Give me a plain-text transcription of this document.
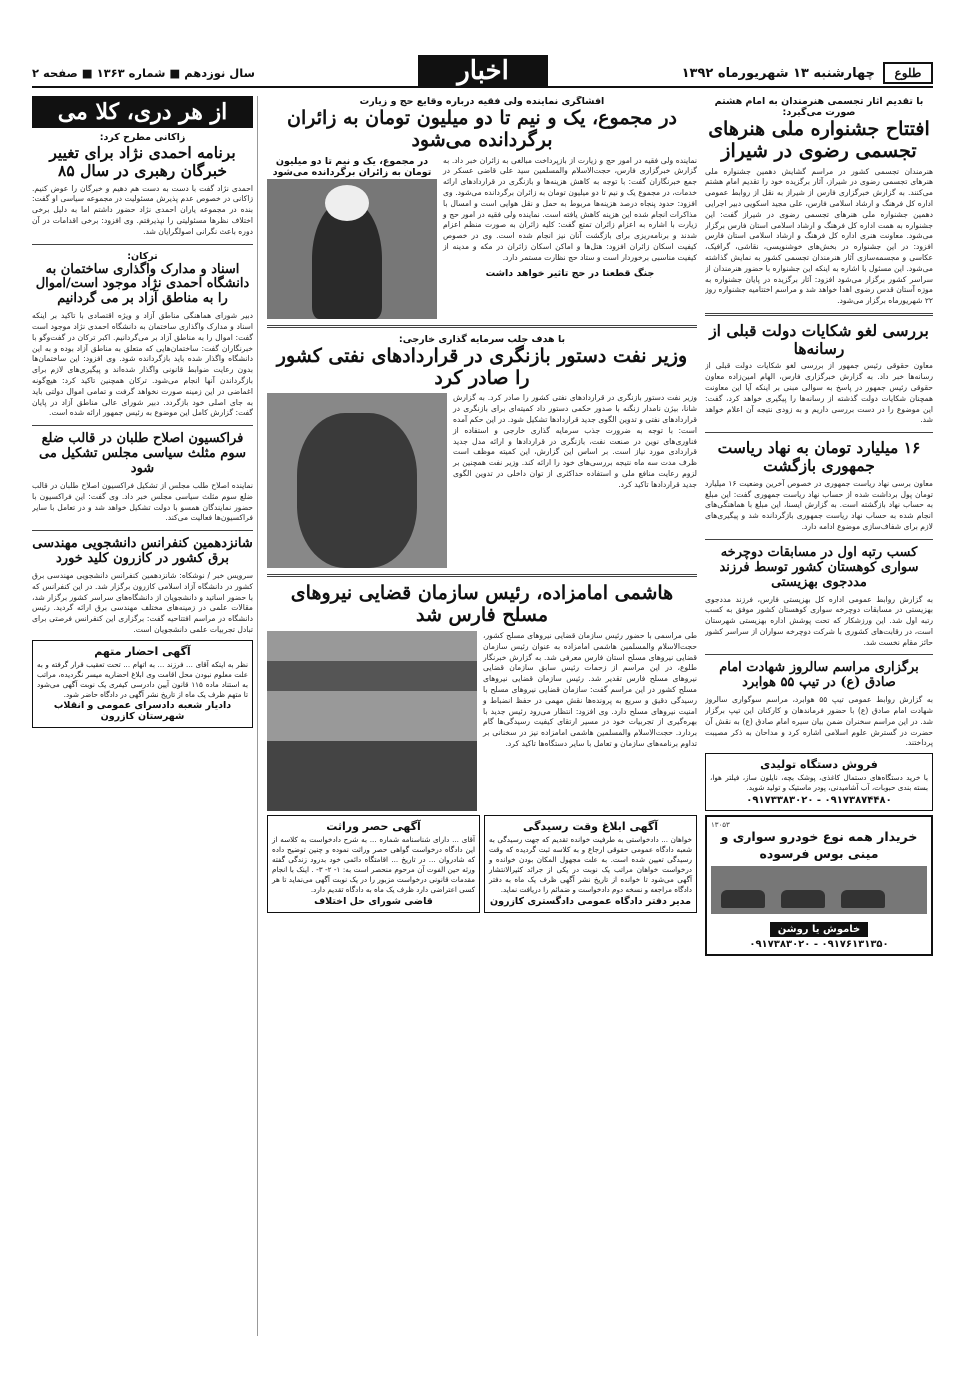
طلوع
چهارشنبه ۱۳ شهریورماه ۱۳۹۲
اخبار
سال نوزدهم ■ شماره ۱۳۶۳ ■ صفحه ۲
با تقدیم آثار تجسمی هنرمندان به امام هشتم صورت می‌گیرد:
افتتاح جشنواره ملی هنرهای تجسمی رضوی در شیراز
هنرمندان تجسمی کشور در مراسم گشایش دهمین جشنواره ملی هنرهای تجسمی رضوی در شیراز، آثار برگزیده خود را تقدیم امام هشتم می‌کنند. به گزارش خبرگزاری فارس از شیراز به نقل از روابط عمومی اداره کل فرهنگ و ارشاد اسلامی فارس، علی مجید اسکویی دبیر اجرایی دهمین جشنواره ملی هنرهای تجسمی رضوی در شیراز گفت: این جشنواره به همت اداره کل فرهنگ و ارشاد اسلامی استان فارس برگزار می‌شود. معاونت هنری اداره کل فرهنگ و ارشاد اسلامی استان فارس افزود: در این جشنواره در بخش‌های خوشنویسی، نقاشی، گرافیک، عکاسی و مجسمه‌سازی آثار هنرمندان تجسمی کشور به نمایش گذاشته می‌شود. این مسئول با اشاره به اینکه این جشنواره با حضور هنرمندان از سراسر کشور برگزار می‌شود افزود: آثار برگزیده در پایان جشنواره به موزه آستان قدس رضوی اهدا خواهد شد و مراسم اختتامیه جشنواره روز ۲۲ شهریورماه برگزار می‌شود.
بررسی لغو شکایات دولت قبلی از رسانه‌ها
معاون حقوقی رئیس جمهور از بررسی لغو شکایات دولت قبلی از رسانه‌ها خبر داد. به گزارش خبرگزاری فارس، الهام امین‌زاده معاون حقوقی رئیس جمهور در پاسخ به سوالی مبنی بر اینکه آیا این معاونت همچنان شکایات دولت گذشته از رسانه‌ها را پیگیری خواهد کرد، گفت: این موضوع را در دست بررسی داریم و به زودی نتیجه آن اعلام خواهد شد.
۱۶ میلیارد تومان به نهاد ریاست جمهوری بازگشت
معاون برسی نهاد ریاست جمهوری در خصوص آخرین وضعیت ۱۶ میلیارد تومان پول برداشت شده از حساب نهاد ریاست جمهوری گفت: این مبلغ به حساب نهاد بازگشته است. به گزارش ایسنا، این مبلغ با هماهنگی‌های انجام شده به حساب نهاد ریاست جمهوری بازگردانده شد و پیگیری‌های لازم برای شفاف‌سازی موضوع ادامه دارد.
کسب رتبه اول در مسابقات دوچرخه سواری کوهستان کشور توسط فرزند مددجوی بهزیستی
به گزارش روابط عمومی اداره کل بهزیستی فارس، فرزند مددجوی بهزیستی در مسابقات دوچرخه سواری کوهستان کشور موفق به کسب رتبه اول شد. این ورزشکار که تحت پوشش اداره بهزیستی شهرستان است، در رقابت‌های کشوری با شرکت دوچرخه سواران از سراسر کشور حائز مقام نخست شد.
برگزاری مراسم سالروز شهادت امام صادق (ع) در تیپ ۵۵ هوابرد
به گزارش روابط عمومی تیپ ۵۵ هوابرد، مراسم سوگواری سالروز شهادت امام صادق (ع) با حضور فرماندهان و کارکنان این تیپ برگزار شد. در این مراسم سخنران ضمن بیان سیره امام صادق (ع) به نقش آن حضرت در گسترش علوم اسلامی اشاره کرد و مداحان به ذکر مصیبت پرداختند.
فروش دستگاه تولیدی
با خرید دستگاه‌های دستمال کاغذی، پوشک بچه، نایلون ساز، فیلتر هوا، بسته بندی حبوبات، آب آشامیدنی، پودر ماستیک و تولید شوید.
۰۹۱۷۳۳۸۳۰۲۰ - ۰۹۱۷۳۸۷۴۴۸۰
۱۳۰۵۳
خریدار همه نوع خودرو سواری و مینی بوس فرسوده
خاموش یا روشن
۰۹۱۷۳۸۳۰۲۰ - ۰۹۱۷۶۱۳۱۳۵۰
افشاگری نماینده ولی فقیه درباره وقایع حج و زیارت
در مجموع، یک و نیم تا دو میلیون تومان به زائران برگردانده می‌شود
نماینده ولی فقیه در امور حج و زیارت از بازپرداخت مبالغی به زائران خبر داد. به گزارش خبرگزاری فارس، حجت‌الاسلام والمسلمین سید علی قاضی عسکر در جمع خبرنگاران گفت: با توجه به کاهش هزینه‌ها و بازنگری در قراردادهای ارائه خدمات، در مجموع یک و نیم تا دو میلیون تومان به زائران برگردانده می‌شود. وی افزود: حدود پنجاه درصد هزینه‌ها مربوط به حمل و نقل هوایی است و امسال با مذاکرات انجام شده این هزینه کاهش یافته است. نماینده ولی فقیه در امور حج و زیارت با اشاره به اعزام زائران تمتع گفت: کلیه زائران به صورت منظم اعزام شدند و برنامه‌ریزی برای بازگشت آنان نیز انجام شده است. وی در خصوص کیفیت اسکان زائران افزود: هتل‌ها و اماکن اسکان زائران در مکه و مدینه از کیفیت مناسبی برخوردار است و ستاد حج نظارت مستمر دارد.
جنگ قطعنا در حج تاثیر خواهد داشت
در مجموع، یک و نیم تا دو میلیون تومان به زائران برگردانده می‌شود
با هدف جلب سرمایه گذاری خارجی:
وزیر نفت دستور بازنگری در قراردادهای نفتی کشور را صادر کرد
وزیر نفت دستور بازنگری در قراردادهای نفتی کشور را صادر کرد. به گزارش شانا، بیژن نامدار زنگنه با صدور حکمی دستور داد کمیته‌ای برای بازنگری در قراردادهای نفتی و تدوین الگوی جدید قراردادها تشکیل شود. در این حکم آمده است: با توجه به ضرورت جذب سرمایه گذاری خارجی و استفاده از فناوری‌های نوین در صنعت نفت، بازنگری در قراردادها و ارائه مدل جدید قراردادی مورد نیاز است. بر اساس این گزارش، این کمیته موظف است ظرف مدت سه ماه نتیجه بررسی‌های خود را ارائه کند. وزیر نفت همچنین بر لزوم رعایت منافع ملی و استفاده حداکثری از توان داخلی در تدوین الگوی جدید قراردادها تاکید کرد.
هاشمی امامزاده، رئیس سازمان قضایی نیروهای مسلح فارس شد
طی مراسمی با حضور رئیس سازمان قضایی نیروهای مسلح کشور، حجت‌الاسلام والمسلمین هاشمی امامزاده به عنوان رئیس سازمان قضایی نیروهای مسلح استان فارس معرفی شد. به گزارش خبرنگار طلوع، در این مراسم از زحمات رئیس سابق سازمان قضایی نیروهای مسلح فارس تقدیر شد. رئیس سازمان قضایی نیروهای مسلح کشور در این مراسم گفت: سازمان قضایی نیروهای مسلح با رسیدگی دقیق و سریع به پرونده‌ها نقش مهمی در حفظ انضباط و امنیت نیروهای مسلح دارد. وی افزود: انتظار می‌رود رئیس جدید با بهره‌گیری از تجربیات خود در مسیر ارتقای کیفیت رسیدگی‌ها گام بردارد. حجت‌الاسلام والمسلمین هاشمی امامزاده نیز در سخنانی بر تداوم برنامه‌های سازمان و تعامل با سایر دستگاه‌ها تاکید کرد.
آگهی ابلاغ وقت رسیدگی
خواهان ... دادخواستی به طرفیت خوانده تقدیم که جهت رسیدگی به شعبه دادگاه عمومی حقوقی ارجاع و به کلاسه ثبت گردیده که وقت رسیدگی تعیین شده است. به علت مجهول المکان بودن خوانده و درخواست خواهان مراتب یک نوبت در یکی از جرائد کثیرالانتشار آگهی می‌شود تا خوانده از تاریخ نشر آگهی ظرف یک ماه به دفتر دادگاه مراجعه و نسخه دوم دادخواست و ضمائم را دریافت نماید.
مدیر دفتر دادگاه عمومی دادگستری کازرون
آگهی حصر وراثت
آقای ... دارای شناسنامه شماره ... به شرح دادخواست به کلاسه از این دادگاه درخواست گواهی حصر وراثت نموده و چنین توضیح داده که شادروان ... در تاریخ ... اقامتگاه دائمی خود بدرود زندگی گفته ورثه حین الفوت آن مرحوم منحصر است به: ۱- ۲- ۳- . اینک با انجام مقدمات قانونی درخواست مزبور را در یک نوبت آگهی می‌نماید تا هر کسی اعتراضی دارد ظرف یک ماه به دادگاه تقدیم دارد.
قاضی شورای حل اختلاف
از هر دری، کلا می
زاکانی مطرح کرد:
برنامه احمدی نژاد برای تغییر خبرگان رهبری در سال ۸۵
احمدی نژاد گفت با دست به دست هم دهیم و خبرگان را عوض کنیم. زاکانی در خصوص عدم پذیرش مسئولیت در مجموعه سیاسی او گفت: بنده در مجموعه یاران احمدی نژاد حضور داشتم اما به دلیل برخی اختلاف نظرها مسئولیتی را نپذیرفتم. وی افزود: برخی اقدامات در آن دوره باعث نگرانی اصولگرایان شد.
ترکان:
اسناد و مدارک واگذاری ساختمان به دانشگاه احمدی نژاد موجود است/اموال را به مناطق آزاد بر می گردانیم
دبیر شورای هماهنگی مناطق آزاد و ویژه اقتصادی با تاکید بر اینکه اسناد و مدارک واگذاری ساختمان به دانشگاه احمدی نژاد موجود است گفت: اموال را به مناطق آزاد بر می‌گردانیم. اکبر ترکان در گفت‌وگو با خبرنگاران گفت: ساختمان‌هایی که متعلق به مناطق آزاد بوده و به این دانشگاه واگذار شده باید بازگردانده شود. وی افزود: این ساختمان‌ها بدون رعایت ضوابط قانونی واگذار شده‌اند و پیگیری‌های لازم برای بازگرداندن آنها انجام می‌شود. ترکان همچنین تاکید کرد: هیچ‌گونه اغماضی در این زمینه صورت نخواهد گرفت و تمامی اموال دولتی باید به جای اصلی خود بازگردد. دبیر شورای عالی مناطق آزاد در پایان گفت: گزارش کامل این موضوع به رئیس جمهور ارائه شده است.
فراکسیون اصلاح طلبان در قالب ضلع سوم مثلث سیاسی مجلس تشکیل می شود
نماینده اصلاح طلب مجلس از تشکیل فراکسیون اصلاح طلبان در قالب ضلع سوم مثلث سیاسی مجلس خبر داد. وی گفت: این فراکسیون با حضور نمایندگان همسو با دولت تشکیل خواهد شد و در تعامل با سایر فراکسیون‌ها فعالیت می‌کند.
شانزدهمین کنفرانس دانشجویی مهندسی برق کشور در کازرون کلید خورد
سرویس خبر / نوشکاه: شانزدهمین کنفرانس دانشجویی مهندسی برق کشور در دانشگاه آزاد اسلامی کازرون برگزار شد. در این کنفرانس که با حضور اساتید و دانشجویان از دانشگاه‌های سراسر کشور برگزار شد، مقالات علمی در زمینه‌های مختلف مهندسی برق ارائه گردید. رئیس دانشگاه در مراسم افتتاحیه گفت: برگزاری این کنفرانس فرصتی برای تبادل تجربیات علمی دانشجویان است.
آگهی احضار متهم
نظر به اینکه آقای ... فرزند ... به اتهام ... تحت تعقیب قرار گرفته و به علت معلوم نبودن محل اقامت وی ابلاغ احضاریه میسر نگردیده، مراتب به استناد ماده ۱۱۵ قانون آیین دادرسی کیفری یک نوبت آگهی می‌شود تا متهم ظرف یک ماه از تاریخ نشر آگهی در دادگاه حاضر شود.
دادیار شعبه دادسرای عمومی و انقلاب شهرستان کازرون
